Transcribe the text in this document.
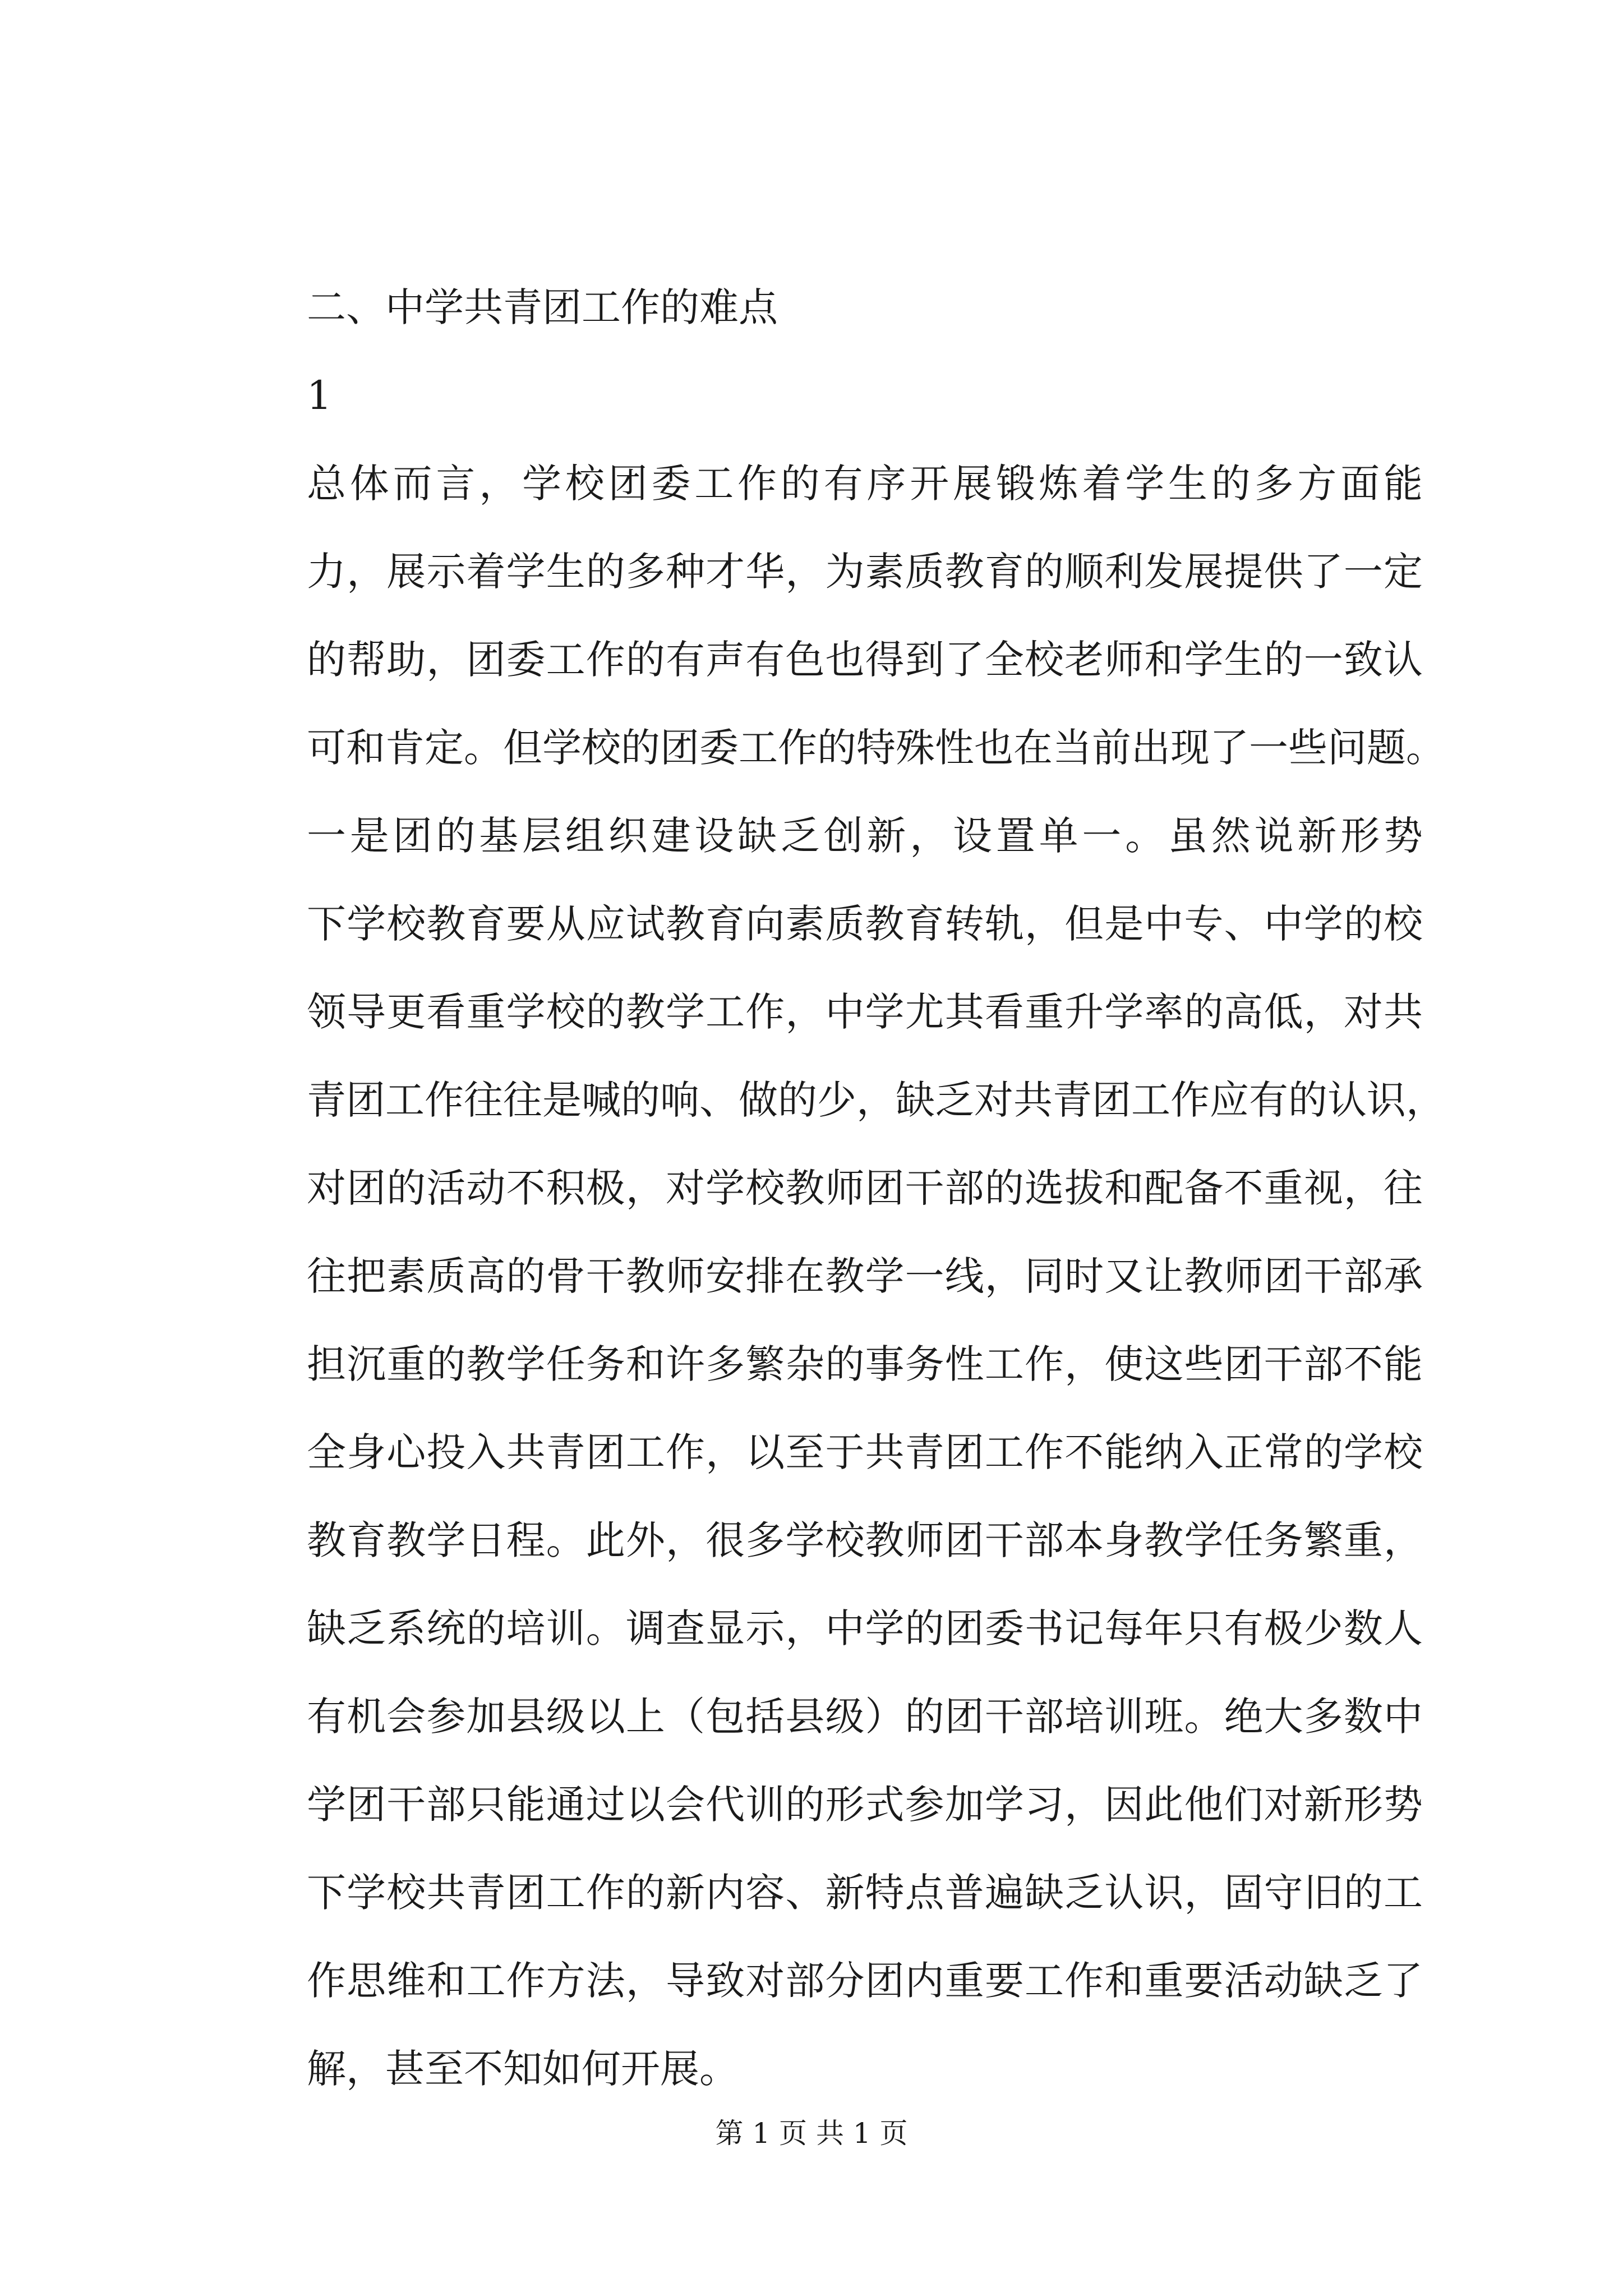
二、中学共青团工作的难点
1
总体而言，学校团委工作的有序开展锻炼着学生的多方面能
力，展示着学生的多种才华，为素质教育的顺利发展提供了一定
的帮助，团委工作的有声有色也得到了全校老师和学生的一致认
可和肯定。但学校的团委工作的特殊性也在当前出现了一些问题。
一是团的基层组织建设缺乏创新，设置单一。虽然说新形势
下学校教育要从应试教育向素质教育转轨，但是中专、中学的校
领导更看重学校的教学工作，中学尤其看重升学率的高低，对共
青团工作往往是喊的响、做的少，缺乏对共青团工作应有的认识，
对团的活动不积极，对学校教师团干部的选拔和配备不重视，往
往把素质高的骨干教师安排在教学一线，同时又让教师团干部承
担沉重的教学任务和许多繁杂的事务性工作，使这些团干部不能
全身心投入共青团工作，以至于共青团工作不能纳入正常的学校
教育教学日程。此外，很多学校教师团干部本身教学任务繁重，
缺乏系统的培训。调查显示，中学的团委书记每年只有极少数人
有机会参加县级以上（包括县级）的团干部培训班。绝大多数中
学团干部只能通过以会代训的形式参加学习，因此他们对新形势
下学校共青团工作的新内容、新特点普遍缺乏认识，固守旧的工
作思维和工作方法，导致对部分团内重要工作和重要活动缺乏了
解，甚至不知如何开展。
第 1 页 共 1 页
